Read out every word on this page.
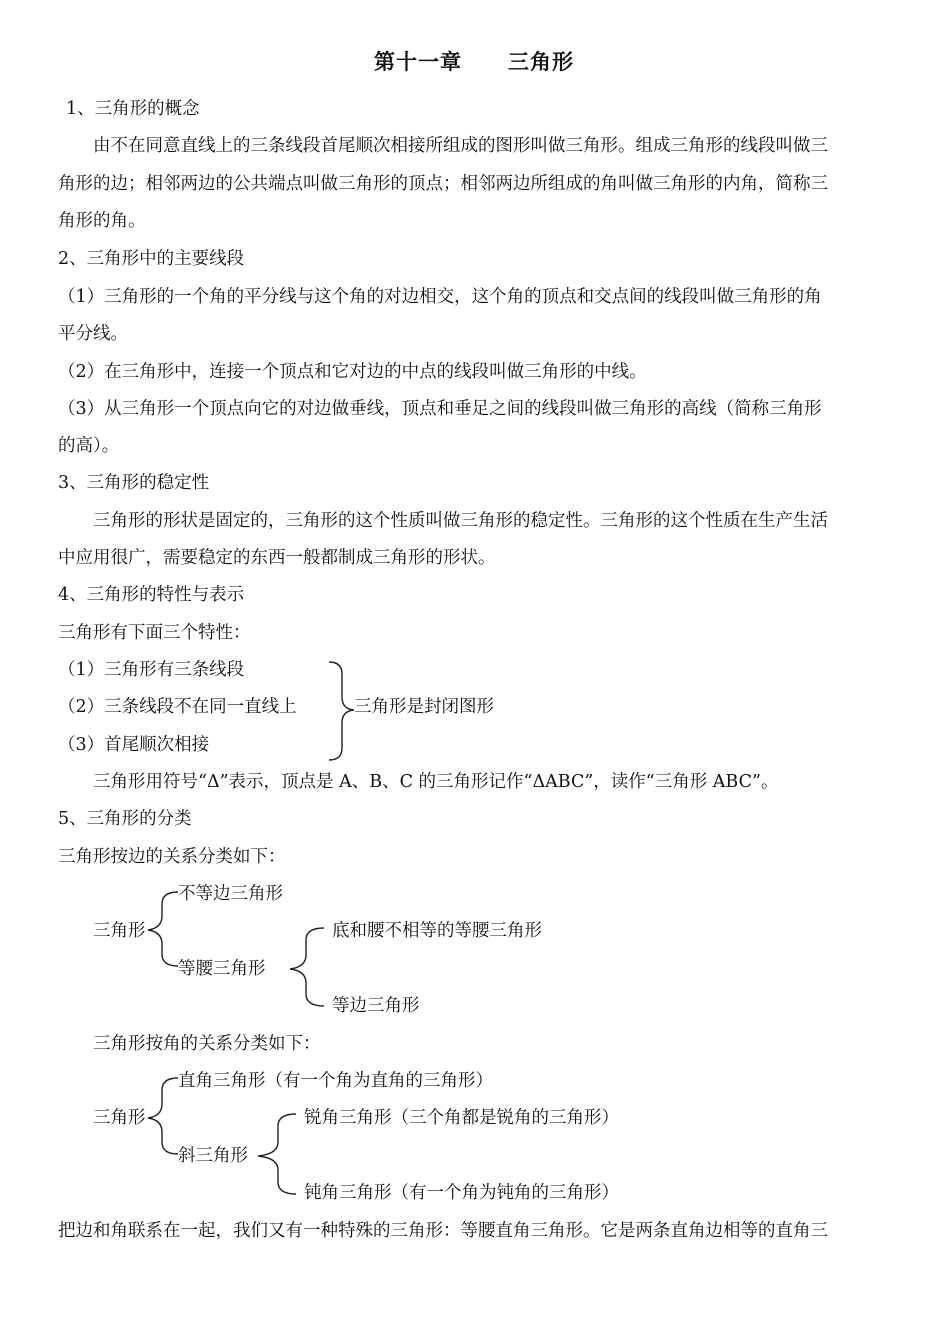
第十一章 三角形
1、三角形的概念
由不在同意直线上的三条线段首尾顺次相接所组成的图形叫做三角形。组成三角形的线段叫做三
角形的边；相邻两边的公共端点叫做三角形的顶点；相邻两边所组成的角叫做三角形的内角，简称三
角形的角。
2、三角形中的主要线段
（1）三角形的一个角的平分线与这个角的对边相交，这个角的顶点和交点间的线段叫做三角形的角
平分线。
（2）在三角形中，连接一个顶点和它对边的中点的线段叫做三角形的中线。
（3）从三角形一个顶点向它的对边做垂线，顶点和垂足之间的线段叫做三角形的高线（简称三角形
的高）。
3、三角形的稳定性
三角形的形状是固定的，三角形的这个性质叫做三角形的稳定性。三角形的这个性质在生产生活
中应用很广，需要稳定的东西一般都制成三角形的形状。
4、三角形的特性与表示
三角形有下面三个特性：
（1）三角形有三条线段
（2）三条线段不在同一直线上
（3）首尾顺次相接
三角形是封闭图形
三角形用符号“Δ”表示，顶点是 A、B、C 的三角形记作“ΔABC”，读作“三角形 ABC”。
5、三角形的分类
三角形按边的关系分类如下：
三角形
不等边三角形
等腰三角形
底和腰不相等的等腰三角形
等边三角形
三角形按角的关系分类如下：
三角形
直角三角形（有一个角为直角的三角形）
斜三角形
锐角三角形（三个角都是锐角的三角形）
钝角三角形（有一个角为钝角的三角形）
把边和角联系在一起，我们又有一种特殊的三角形：等腰直角三角形。它是两条直角边相等的直角三
